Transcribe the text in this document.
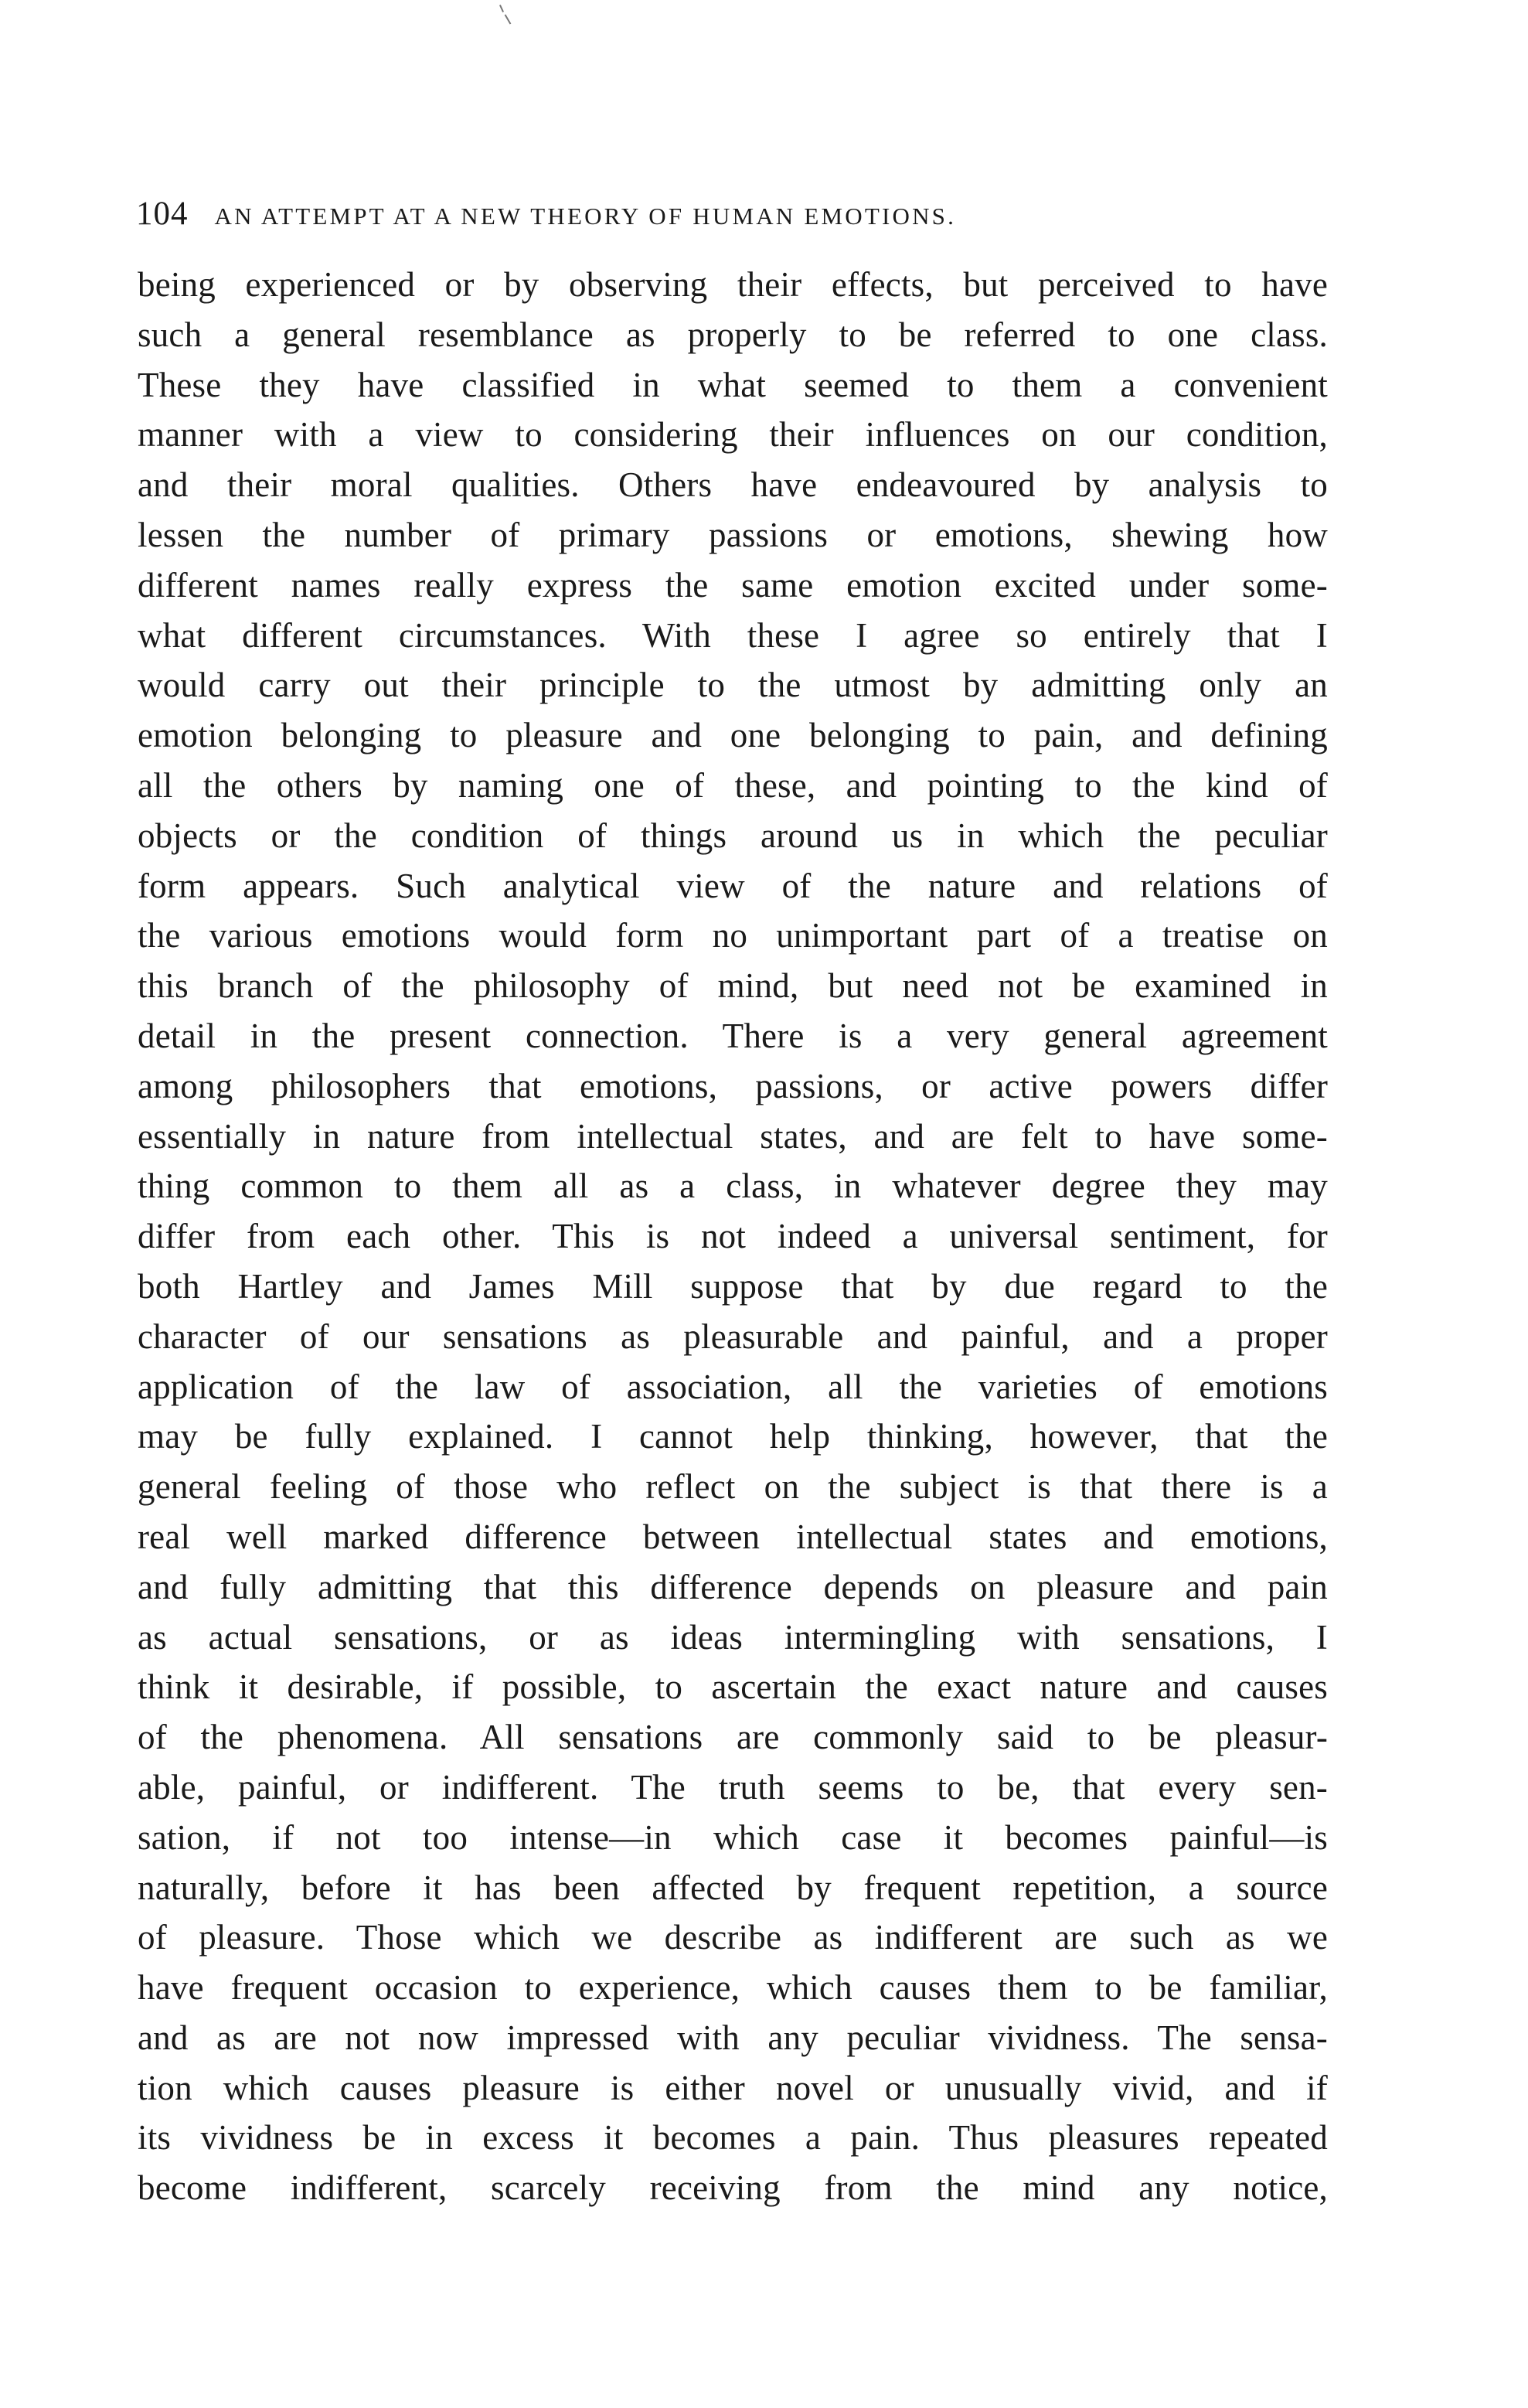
104 AN ATTEMPT AT A NEW THEORY OF HUMAN EMOTIONS.
being experienced or by observing their effects, but perceived to have
such a general resemblance as properly to be referred to one class.
These they have classified in what seemed to them a convenient
manner with a view to considering their influences on our condition,
and their moral qualities. Others have endeavoured by analysis to
lessen the number of primary passions or emotions, shewing how
different names really express the same emotion excited under some-
what different circumstances. With these I agree so entirely that I
would carry out their principle to the utmost by admitting only an
emotion belonging to pleasure and one belonging to pain, and defining
all the others by naming one of these, and pointing to the kind of
objects or the condition of things around us in which the peculiar
form appears. Such analytical view of the nature and relations of
the various emotions would form no unimportant part of a treatise on
this branch of the philosophy of mind, but need not be examined in
detail in the present connection. There is a very general agreement
among philosophers that emotions, passions, or active powers differ
essentially in nature from intellectual states, and are felt to have some-
thing common to them all as a class, in whatever degree they may
differ from each other. This is not indeed a universal sentiment, for
both Hartley and James Mill suppose that by due regard to the
character of our sensations as pleasurable and painful, and a proper
application of the law of association, all the varieties of emotions
may be fully explained. I cannot help thinking, however, that the
general feeling of those who reflect on the subject is that there is a
real well marked difference between intellectual states and emotions,
and fully admitting that this difference depends on pleasure and pain
as actual sensations, or as ideas intermingling with sensations, I
think it desirable, if possible, to ascertain the exact nature and causes
of the phenomena. All sensations are commonly said to be pleasur-
able, painful, or indifferent. The truth seems to be, that every sen-
sation, if not too intense—in which case it becomes painful—is
naturally, before it has been affected by frequent repetition, a source
of pleasure. Those which we describe as indifferent are such as we
have frequent occasion to experience, which causes them to be familiar,
and as are not now impressed with any peculiar vividness. The sensa-
tion which causes pleasure is either novel or unusually vivid, and if
its vividness be in excess it becomes a pain. Thus pleasures repeated
become indifferent, scarcely receiving from the mind any notice,
